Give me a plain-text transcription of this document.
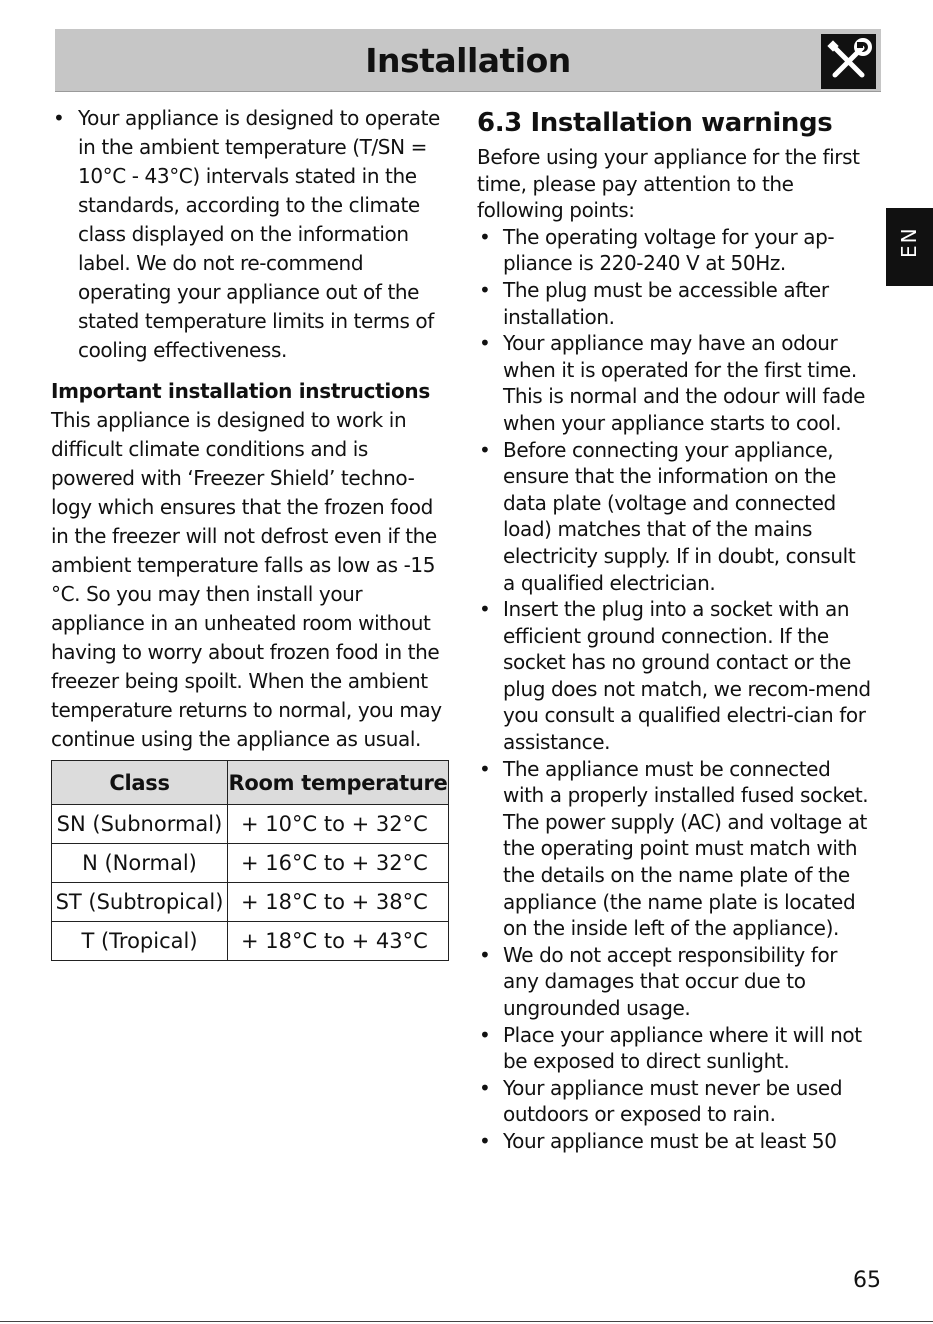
Installation
EN
• Your appliance is designed to operate in the ambient temperature (T/SN = 10°C - 43°C) intervals stated in the standards, according to the climate class displayed on the information label. We do not re-commend operating your appliance out of the stated temperature limits in terms of cooling effectiveness.
Important installation instructions

This appliance is designed to work in difficult climate conditions and is powered with ‘Freezer Shield’ techno-logy which ensures that the frozen food in the freezer will not defrost even if the ambient temperature falls as low as -15 °C. So you may then install your appliance in an unheated room without having to worry about frozen food in the freezer being spoilt. When the ambient temperature returns to normal, you may continue using the appliance as usual.

Class	Room temperature
SN (Subnormal)	+ 10°C to + 32°C
N (Normal)	+ 16°C to + 32°C
ST (Subtropical)	+ 18°C to + 38°C
T (Tropical)	+ 18°C to + 43°C
6.3 Installation warnings

Before using your appliance for the first time, please pay attention to the following points:

• The operating voltage for your ap-pliance is 220-240 V at 50Hz.
• The plug must be accessible after installation.
• Your appliance may have an odour when it is operated for the first time. This is normal and the odour will fade when your appliance starts to cool.
• Before connecting your appliance, ensure that the information on the data plate (voltage and connected load) matches that of the mains electricity supply. If in doubt, consult a qualified electrician.
• Insert the plug into a socket with an efficient ground connection. If the socket has no ground contact or the plug does not match, we recom-mend you consult a qualified electri-cian for assistance.
• The appliance must be connected with a properly installed fused socket.
The power supply (AC) and voltage at the operating point must match with the details on the name plate of the appliance (the name plate is located on the inside left of the appliance).
• We do not accept responsibility for any damages that occur due to ungrounded usage.
• Place your appliance where it will not be exposed to direct sunlight.
• Your appliance must never be used outdoors or exposed to rain.
• Your appliance must be at least 50
65
